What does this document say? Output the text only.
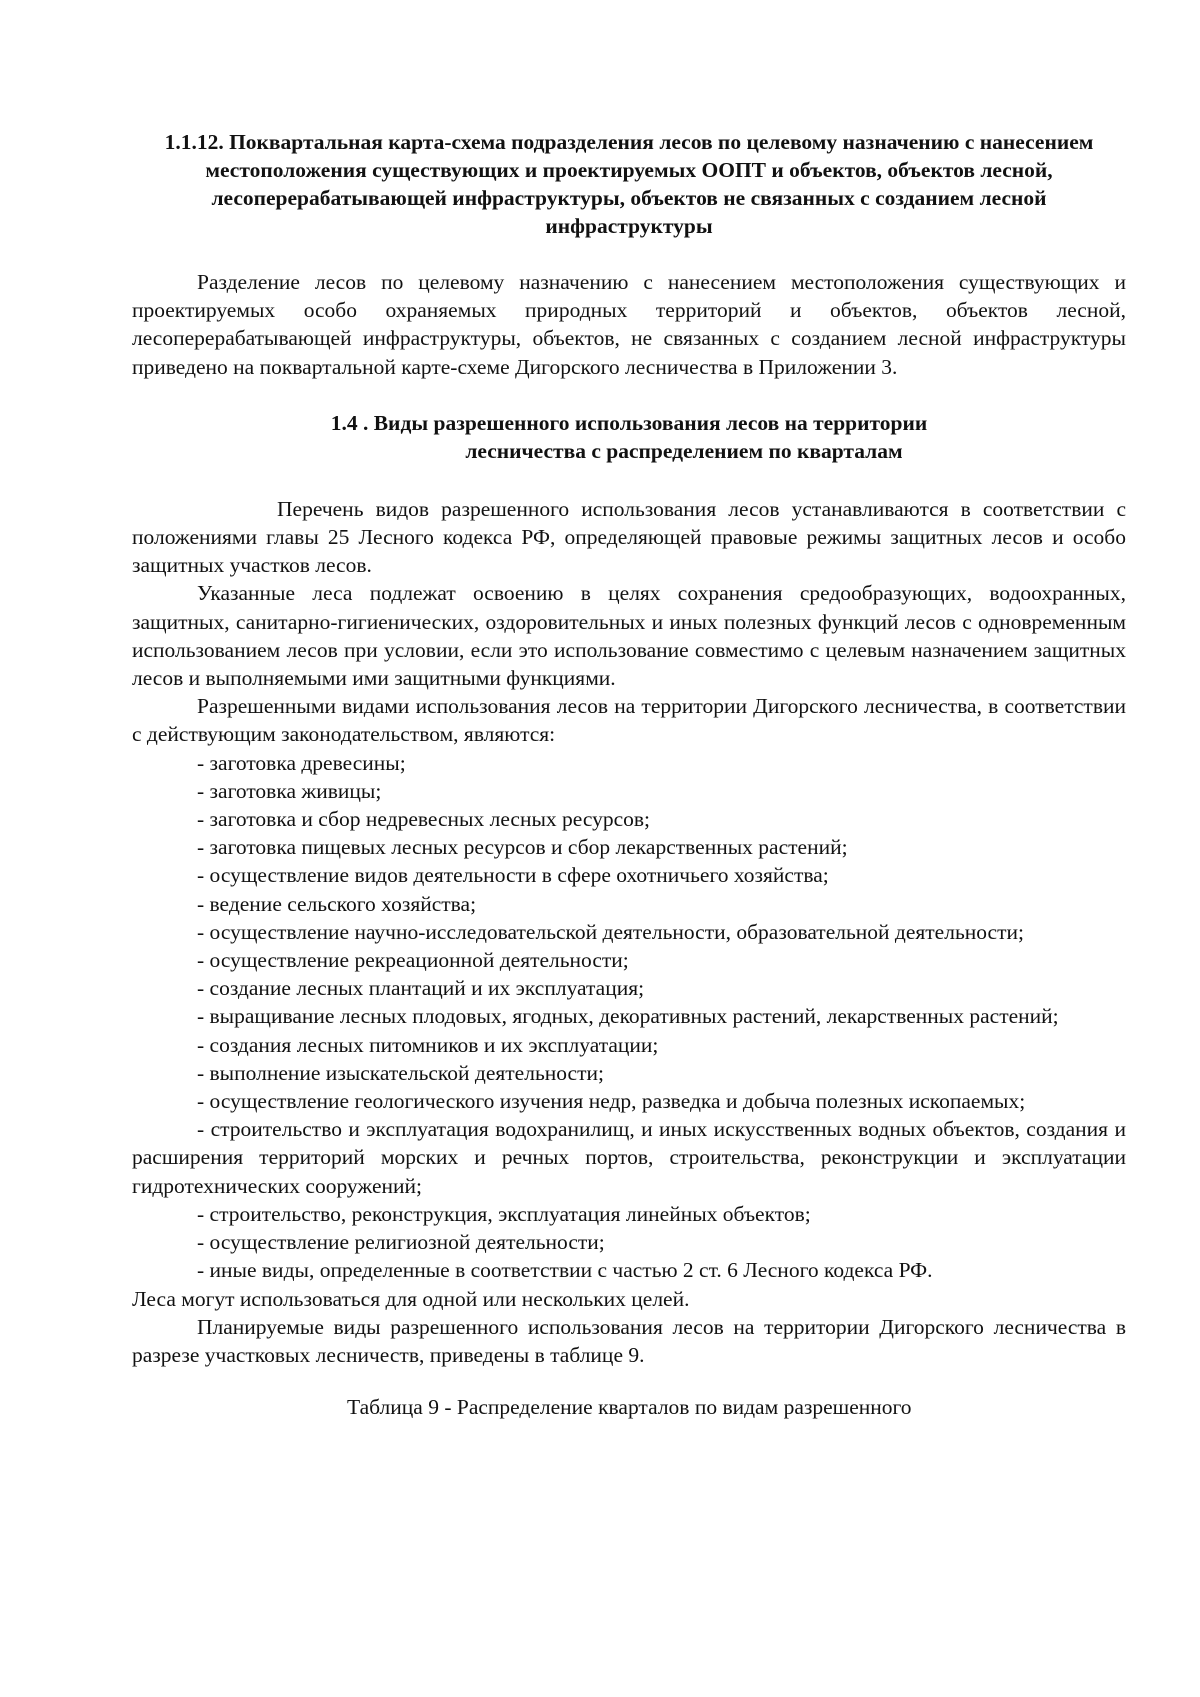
1.1.12. Поквартальная карта-схема подразделения лесов по целевому назначению с нанесением местоположения существующих и проектируемых ООПТ и объектов, объектов лесной, лесоперерабатывающей инфраструктуры, объектов не связанных с созданием лесной инфраструктуры

Разделение лесов по целевому назначению с нанесением местоположения существующих и проектируемых особо охраняемых природных территорий и объектов, объектов лесной, лесоперерабатывающей инфраструктуры, объектов, не связанных с созданием лесной инфраструктуры приведено на поквартальной карте-схеме Дигорского лесничества в Приложении 3.

1.4 . Виды разрешенного использования лесов на территории
лесничества с распределением по кварталам

Перечень видов разрешенного использования лесов устанавливаются в соответствии с положениями главы 25 Лесного кодекса РФ, определяющей правовые режимы защитных лесов и особо защитных участков лесов.

Указанные леса подлежат освоению в целях сохранения средообразующих, водоохранных, защитных, санитарно-гигиенических, оздоровительных и иных полезных функций лесов с одновременным использованием лесов при условии, если это использование совместимо с целевым назначением защитных лесов и выполняемыми ими защитными функциями.

Разрешенными видами использования лесов на территории Дигорского лесничества, в соответствии с действующим законодательством, являются:

- заготовка древесины;

- заготовка живицы;

- заготовка и сбор недревесных лесных ресурсов;

- заготовка пищевых лесных ресурсов и сбор лекарственных растений;

- осуществление видов деятельности в сфере охотничьего хозяйства;

- ведение сельского хозяйства;

- осуществление научно-исследовательской деятельности, образовательной деятельности;

- осуществление рекреационной деятельности;

- создание лесных плантаций и их эксплуатация;

- выращивание лесных плодовых, ягодных, декоративных растений, лекарственных растений;

- создания лесных питомников и их эксплуатации;

- выполнение изыскательской деятельности;

- осуществление геологического изучения недр, разведка и добыча полезных ископаемых;

- строительство и эксплуатация водохранилищ, и иных искусственных водных объектов, создания и расширения территорий морских и речных портов, строительства, реконструкции и эксплуатации гидротехнических сооружений;

- строительство, реконструкция, эксплуатация линейных объектов;

- осуществление религиозной деятельности;

- иные виды, определенные в соответствии с частью 2 ст. 6 Лесного кодекса РФ.

Леса могут использоваться для одной или нескольких целей.

Планируемые виды разрешенного использования лесов на территории Дигорского лесничества в разрезе участковых лесничеств, приведены в таблице 9.

Таблица 9 - Распределение кварталов по видам разрешенного
